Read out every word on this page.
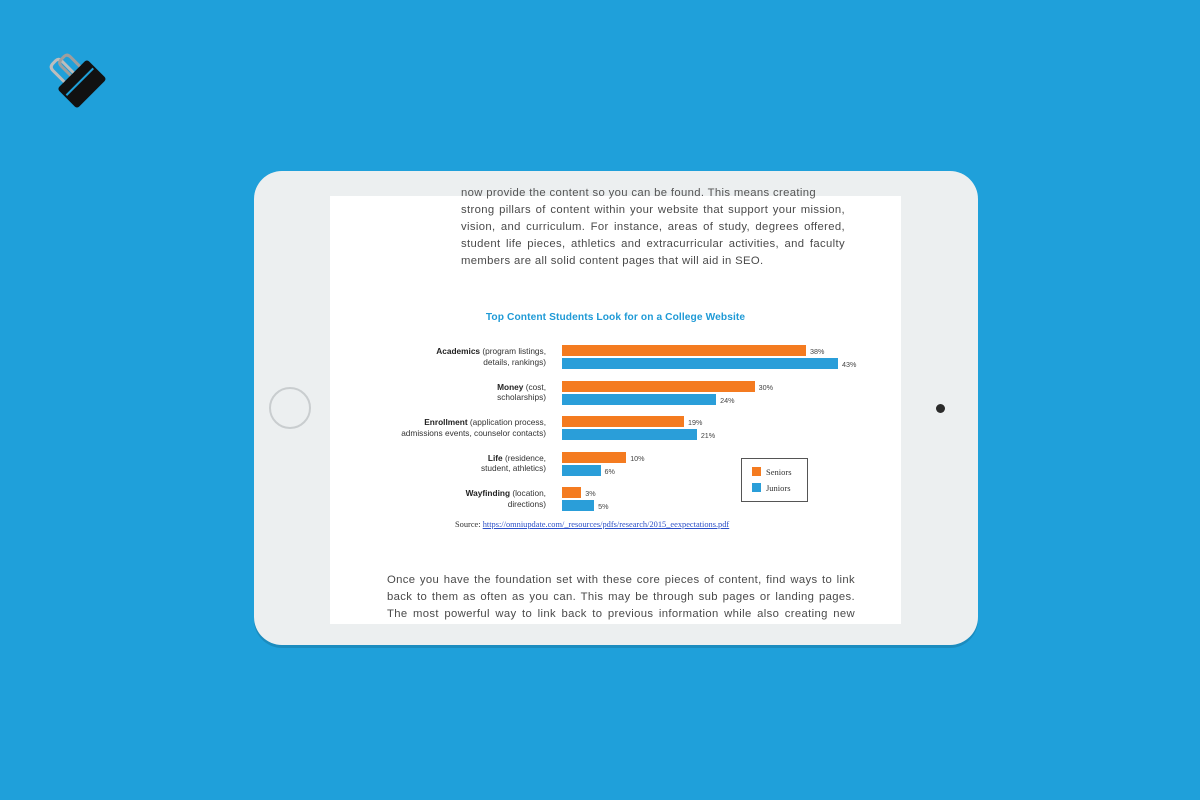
now provide the content so you can be found. This means creating
strong pillars of content within your website that support your mission,
vision, and curriculum. For instance, areas of study, degrees offered,
student life pieces, athletics and extracurricular activities, and faculty
members are all solid content pages that will aid in SEO.

Top Content Students Look for on a College Website
Academics (program listings,
details, rankings)
38%
43%
Money (cost,
scholarships)
30%
24%
Enrollment (application process,
admissions events, counselor contacts)
19%
21%
Life (residence,
student, athletics)
10%
6%
Wayfinding (location,
directions)
3%
5%
Seniors
Juniors
Source: https://omniupdate.com/_resources/pdfs/research/2015_eexpectations.pdf

Once you have the foundation set with these core pieces of content, find ways to link
back to them as often as you can. This may be through sub pages or landing pages.
The most powerful way to link back to previous information while also creating new
